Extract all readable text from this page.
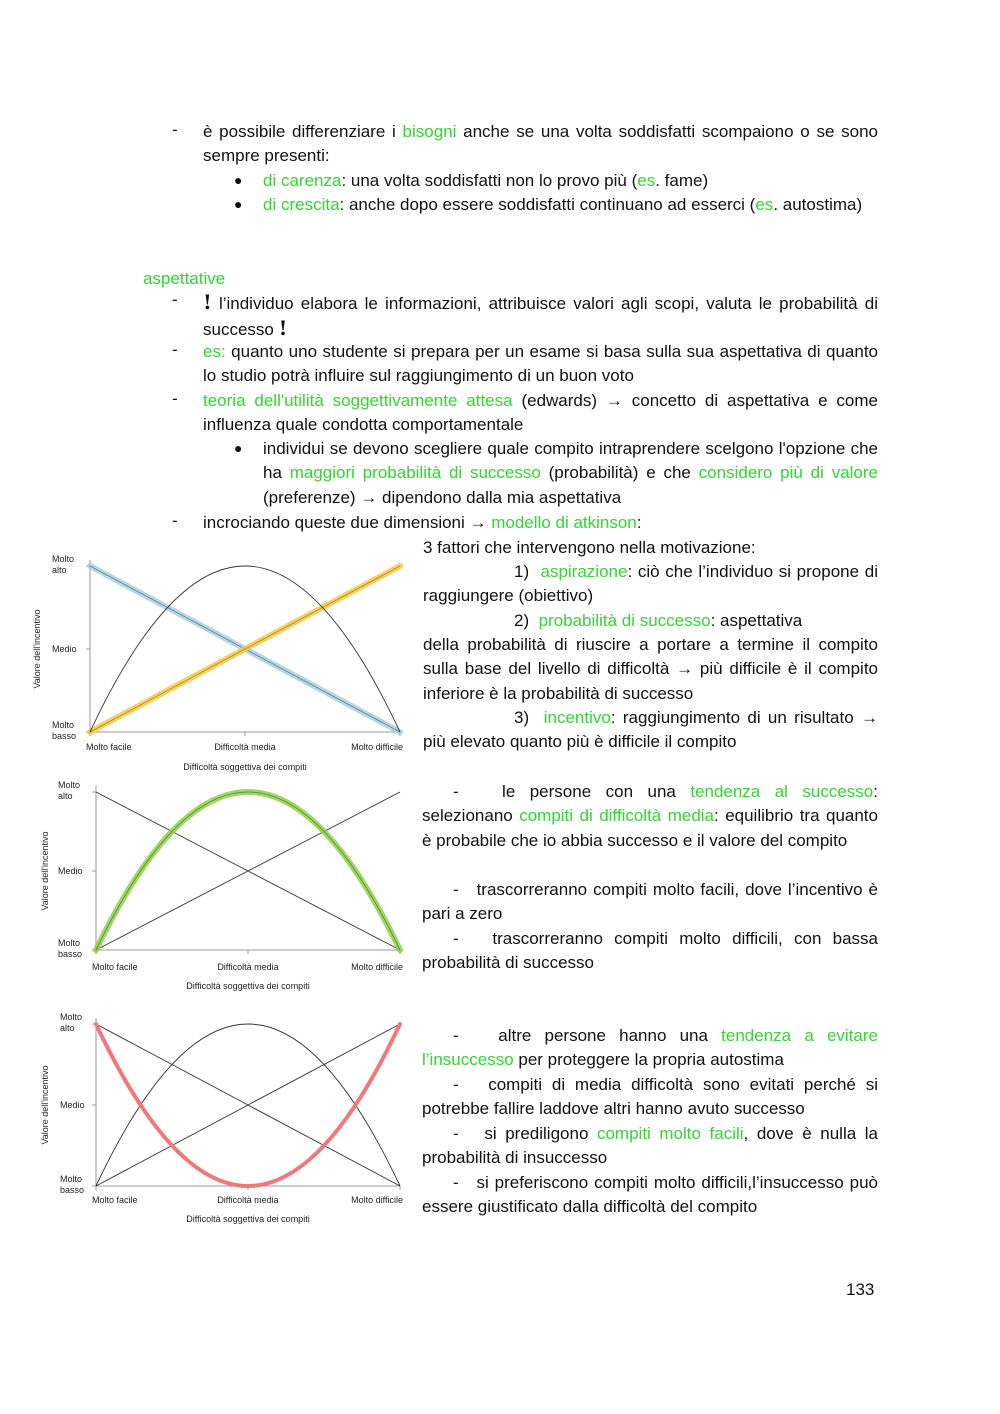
- è possibile differenziare i bisogni anche se una volta soddisfatti scompaiono o se sono sempre presenti:
● di carenza: una volta soddisfatti non lo provo più (es. fame)
● di crescita: anche dopo essere soddisfatti continuano ad esserci (es. autostima)
aspettative
- ! l’individuo elabora le informazioni, attribuisce valori agli scopi, valuta le probabilità di successo !
- es: quanto uno studente si prepara per un esame si basa sulla sua aspettativa di quanto lo studio potrà influire sul raggiungimento di un buon voto
- teoria dell'utilità soggettivamente attesa (edwards) → concetto di aspettativa e come influenza quale condotta comportamentale
● individui se devono scegliere quale compito intraprendere scelgono l'opzione che ha maggiori probabilità di successo (probabilità) e che considero più di valore (preferenze) → dipendono dalla mia aspettativa
- incrociando queste due dimensioni → modello di atkinson:
3 fattori che intervengono nella motivazione:
1) aspirazione: ciò che l’individuo si propone di raggiungere (obiettivo)
2) probabilità di successo: aspettativa
della probabilità di riuscire a portare a termine il compito sulla base del livello di difficoltà → più difficile è il compito inferiore è la probabilità di successo
3) incentivo: raggiungimento di un risultato → più elevato quanto più è difficile il compito
-	le persone con una tendenza al successo: selezionano compiti di difficoltà media: equilibrio tra quanto è probabile che io abbia successo e il valore del compito
- trascorreranno compiti molto facili, dove l’incentivo è pari a zero
- trascorreranno compiti molto difficili, con bassa probabilità di successo
- altre persone hanno una tendenza a evitare l’insuccesso per proteggere la propria autostima
- compiti di media difficoltà sono evitati perché si potrebbe fallire laddove altri hanno avuto successo
- si prediligono compiti molto facili, dove è nulla la probabilità di insuccesso
- si preferiscono compiti molto difficili,l’insuccesso può essere giustificato dalla difficoltà del compito
Molto basso
Medio
Molto alto
Molto facile	Difficoltà media	Molto difficile
Difficoltà soggettiva dei compiti
Valore dell'incentivo
Molto basso
Medio
Molto alto
Molto facile	Difficoltà media	Molto difficile
Difficoltà soggettiva dei compiti
Valore dell'incentivo
Molto basso
Medio
Molto alto
Molto facile	Difficoltà media	Molto difficile
Difficoltà soggettiva dei compiti
Valore dell'incentivo
133
